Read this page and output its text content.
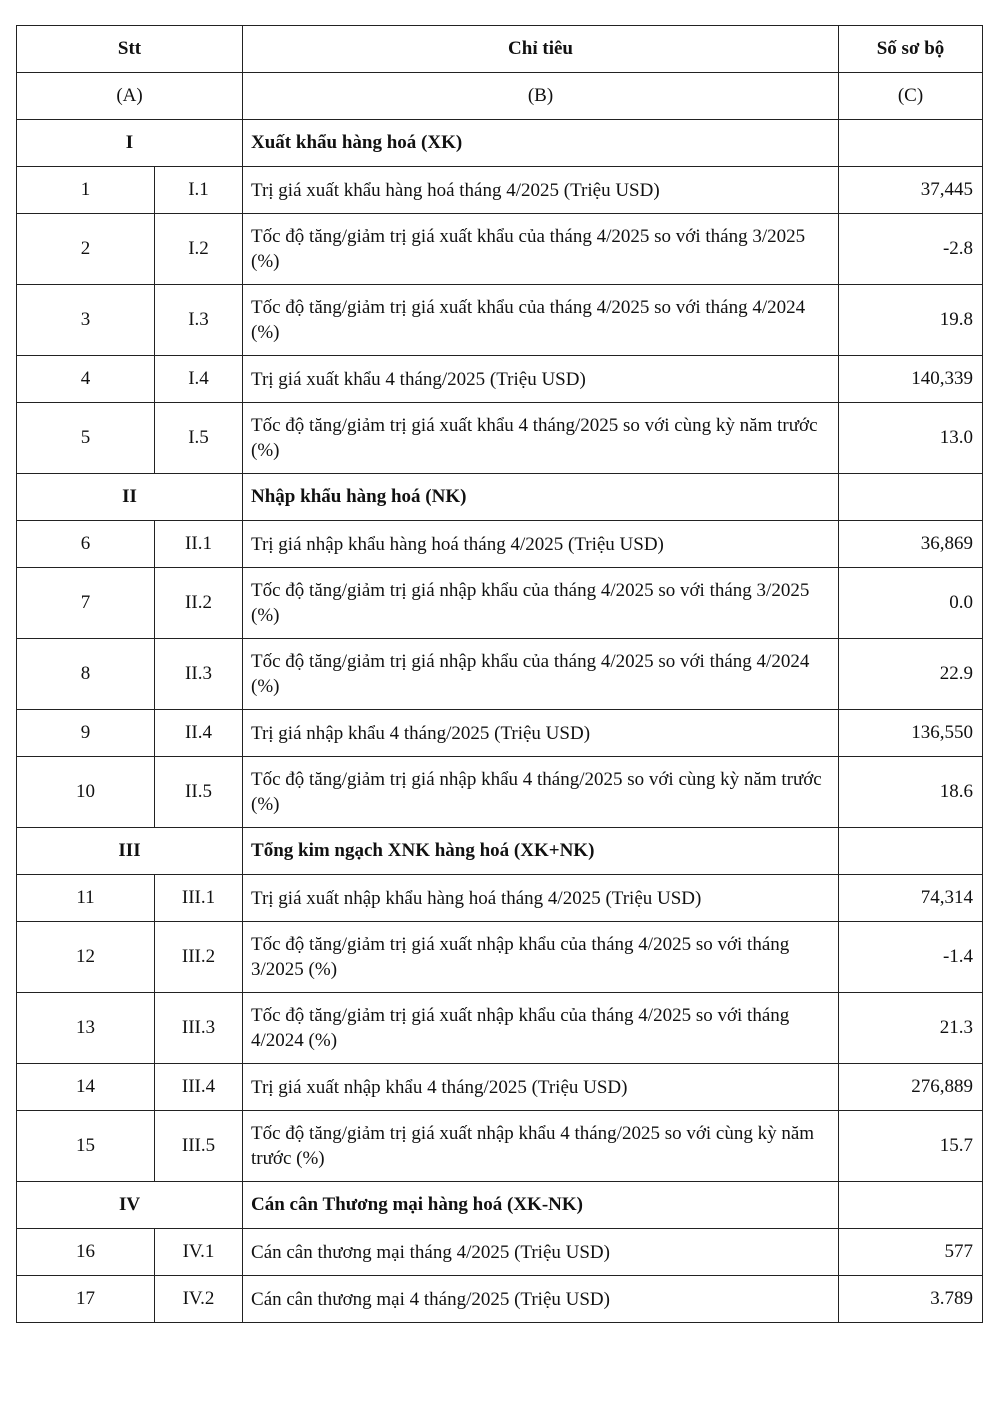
Stt		Chỉ tiêu	Số sơ bộ
(A)		(B)	(C)
I		Xuất khẩu hàng hoá (XK)	
1	I.1	Trị giá xuất khẩu hàng hoá tháng 4/2025 (Triệu USD)	37,445
2	I.2	Tốc độ tăng/giảm trị giá xuất khẩu của tháng 4/2025 so với tháng 3/2025 (%)	-2.8
3	I.3	Tốc độ tăng/giảm trị giá xuất khẩu của tháng 4/2025 so với tháng 4/2024 (%)	19.8
4	I.4	Trị giá xuất khẩu 4 tháng/2025 (Triệu USD)	140,339
5	I.5	Tốc độ tăng/giảm trị giá xuất khẩu 4 tháng/2025 so với cùng kỳ năm trước (%)	13.0
II		Nhập khẩu hàng hoá (NK)	
6	II.1	Trị giá nhập khẩu hàng hoá tháng 4/2025 (Triệu USD)	36,869
7	II.2	Tốc độ tăng/giảm trị giá nhập khẩu của tháng 4/2025 so với tháng 3/2025 (%)	0.0
8	II.3	Tốc độ tăng/giảm trị giá nhập khẩu của tháng 4/2025 so với tháng 4/2024 (%)	22.9
9	II.4	Trị giá nhập khẩu 4 tháng/2025 (Triệu USD)	136,550
10	II.5	Tốc độ tăng/giảm trị giá nhập khẩu 4 tháng/2025 so với cùng kỳ năm trước (%)	18.6
III		Tổng kim ngạch XNK hàng hoá (XK+NK)	
11	III.1	Trị giá xuất nhập khẩu hàng hoá tháng 4/2025 (Triệu USD)	74,314
12	III.2	Tốc độ tăng/giảm trị giá xuất nhập khẩu của tháng 4/2025 so với tháng 3/2025 (%)	-1.4
13	III.3	Tốc độ tăng/giảm trị giá xuất nhập khẩu của tháng 4/2025 so với tháng 4/2024 (%)	21.3
14	III.4	Trị giá xuất nhập khẩu 4 tháng/2025 (Triệu USD)	276,889
15	III.5	Tốc độ tăng/giảm trị giá xuất nhập khẩu 4 tháng/2025 so với cùng kỳ năm trước (%)	15.7
IV		Cán cân Thương mại hàng hoá (XK-NK)	
16	IV.1	Cán cân thương mại tháng 4/2025 (Triệu USD)	577
17	IV.2	Cán cân thương mại 4 tháng/2025 (Triệu USD)	3.789
